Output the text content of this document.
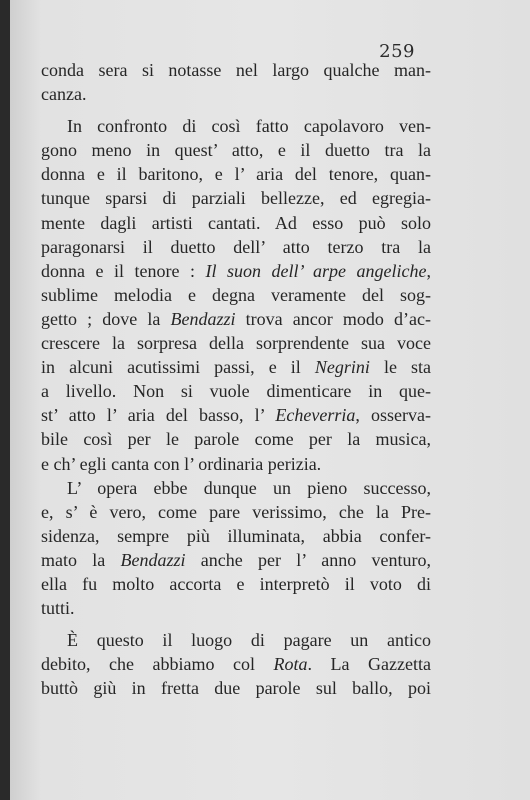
259
conda sera si notasse nel largo qualche man-
canza.
In confronto di così fatto capolavoro ven-
gono meno in quest’ atto, e il duetto tra la
donna e il baritono, e l’ aria del tenore, quan-
tunque sparsi di parziali bellezze, ed egregia-
mente dagli artisti cantati. Ad esso può solo
paragonarsi il duetto dell’ atto terzo tra la
donna e il tenore : Il suon dell’ arpe angeliche,
sublime melodia e degna veramente del sog-
getto ; dove la Bendazzi trova ancor modo d’ac-
crescere la sorpresa della sorprendente sua voce
in alcuni acutissimi passi, e il Negrini le sta
a livello. Non si vuole dimenticare in que-
st’ atto l’ aria del basso, l’ Echeverria, osserva-
bile così per le parole come per la musica,
e ch’ egli canta con l’ ordinaria perizia.
L’ opera ebbe dunque un pieno successo,
e, s’ è vero, come pare verissimo, che la Pre-
sidenza, sempre più illuminata, abbia confer-
mato la Bendazzi anche per l’ anno venturo,
ella fu molto accorta e interpretò il voto di
tutti.
È questo il luogo di pagare un antico
debito, che abbiamo col Rota. La Gazzetta
buttò giù in fretta due parole sul ballo, poi
